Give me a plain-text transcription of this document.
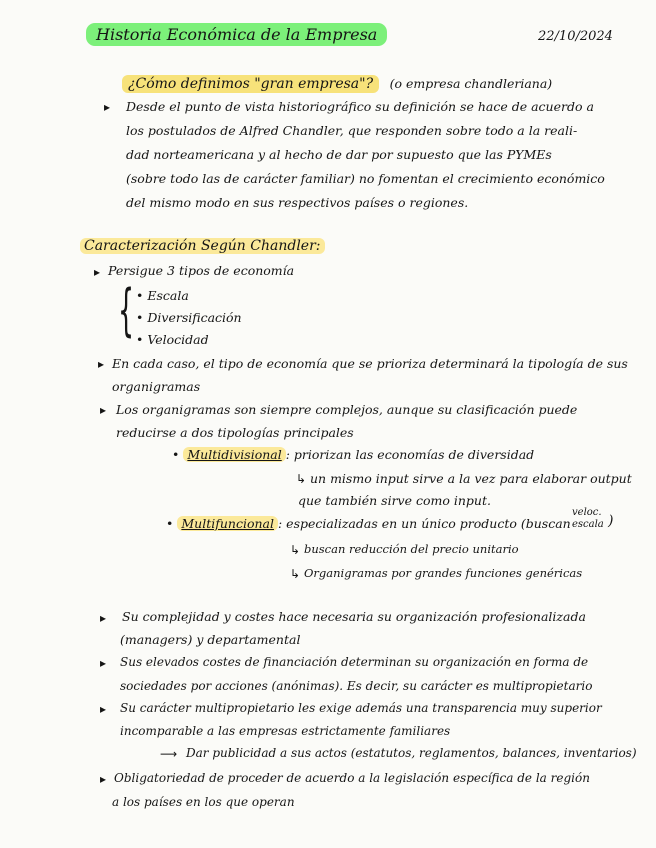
Historia Económica de la Empresa	22/10/2024
¿Cómo definimos "gran empresa"? (o empresa chandleriana)
▸ Desde el punto de vista historiográfico su definición se hace de acuerdo a
los postulados de Alfred Chandler, que responden sobre todo a la reali-
dad norteamericana y al hecho de dar por supuesto que las PYMEs
(sobre todo las de carácter familiar) no fomentan el crecimiento económico
del mismo modo en sus respectivos países o regiones.
Caracterización Según Chandler:
▸ Persigue 3 tipos de economía
{ • Escala
• Diversificación
• Velocidad
▸ En cada caso, el tipo de economía que se prioriza determinará la tipología de sus
organigramas
▸ Los organigramas son siempre complejos, aunque su clasificación puede
reducirse a dos tipologías principales
• Multidivisional : priorizan las economías de diversidad
↳ un mismo input sirve a la vez para elaborar output
que también sirve como input.
• Multifuncional : especializadas en un único producto (buscan
veloc.
escala )
↳ buscan reducción del precio unitario
↳ Organigramas por grandes funciones genéricas
▸ Su complejidad y costes hace necesaria su organización profesionalizada
(managers) y departamental
▸ Sus elevados costes de financiación determinan su organización en forma de
sociedades por acciones (anónimas). Es decir, su carácter es multipropietario
▸ Su carácter multipropietario les exige además una transparencia muy superior
incomparable a las empresas estrictamente familiares
⟶ Dar publicidad a sus actos (estatutos, reglamentos, balances, inventarios)
▸ Obligatoriedad de proceder de acuerdo a la legislación específica de la región
a los países en los que operan
